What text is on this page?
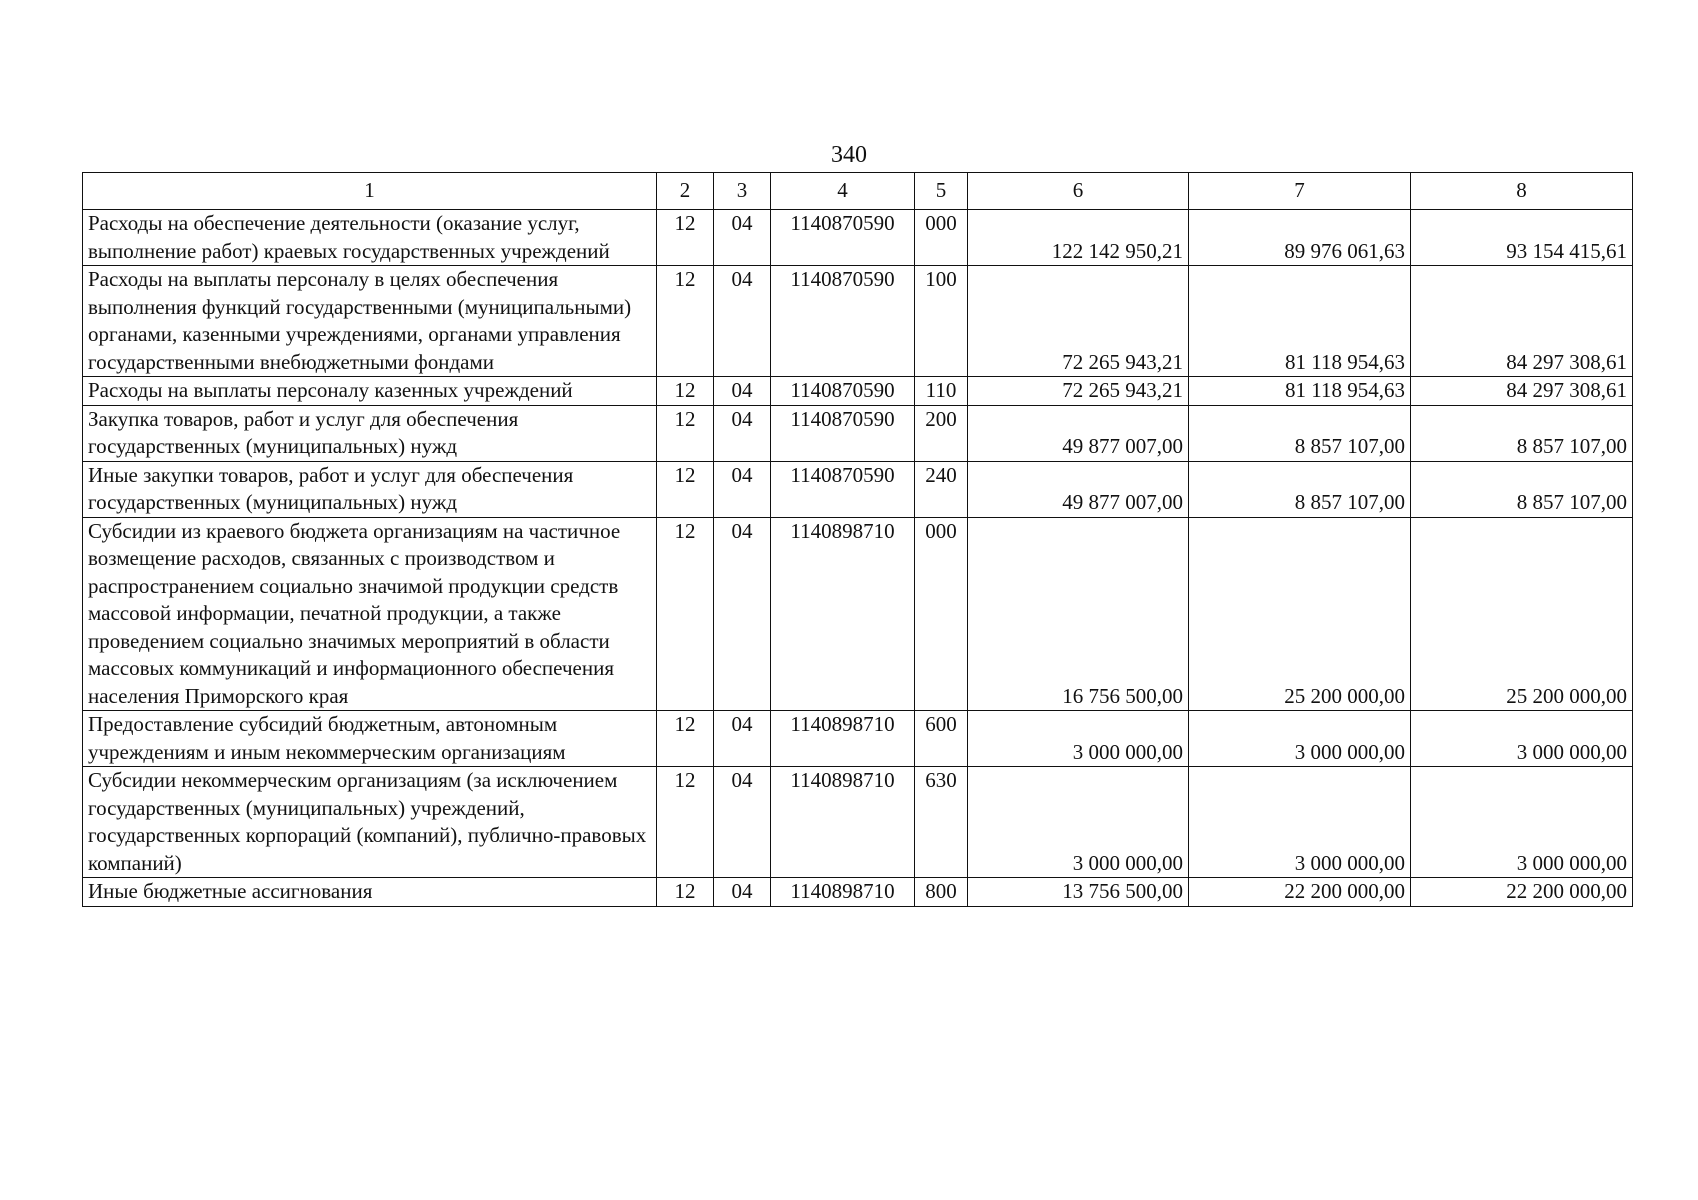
340
1	2	3	4	5	6	7	8
Расходы на обеспечение деятельности (оказание услуг, выполнение работ) краевых государственных учреждений	12	04	1140870590	000	122 142 950,21	89 976 061,63	93 154 415,61
Расходы на выплаты персоналу в целях обеспечения выполнения функций государственными (муниципальными) органами, казенными учреждениями, органами управления государственными внебюджетными фондами	12	04	1140870590	100	72 265 943,21	81 118 954,63	84 297 308,61
Расходы на выплаты персоналу казенных учреждений	12	04	1140870590	110	72 265 943,21	81 118 954,63	84 297 308,61
Закупка товаров, работ и услуг для обеспечения государственных (муниципальных) нужд	12	04	1140870590	200	49 877 007,00	8 857 107,00	8 857 107,00
Иные закупки товаров, работ и услуг для обеспечения государственных (муниципальных) нужд	12	04	1140870590	240	49 877 007,00	8 857 107,00	8 857 107,00
Субсидии из краевого бюджета организациям на частичное возмещение расходов, связанных с производством и распространением социально значимой продукции средств массовой информации, печатной продукции, а также проведением социально значимых мероприятий в области массовых коммуникаций и информационного обеспечения населения Приморского края	12	04	1140898710	000	16 756 500,00	25 200 000,00	25 200 000,00
Предоставление субсидий бюджетным, автономным учреждениям и иным некоммерческим организациям	12	04	1140898710	600	3 000 000,00	3 000 000,00	3 000 000,00
Субсидии некоммерческим организациям (за исключением государственных (муниципальных) учреждений, государственных корпораций (компаний), публично-правовых компаний)	12	04	1140898710	630	3 000 000,00	3 000 000,00	3 000 000,00
Иные бюджетные ассигнования	12	04	1140898710	800	13 756 500,00	22 200 000,00	22 200 000,00
